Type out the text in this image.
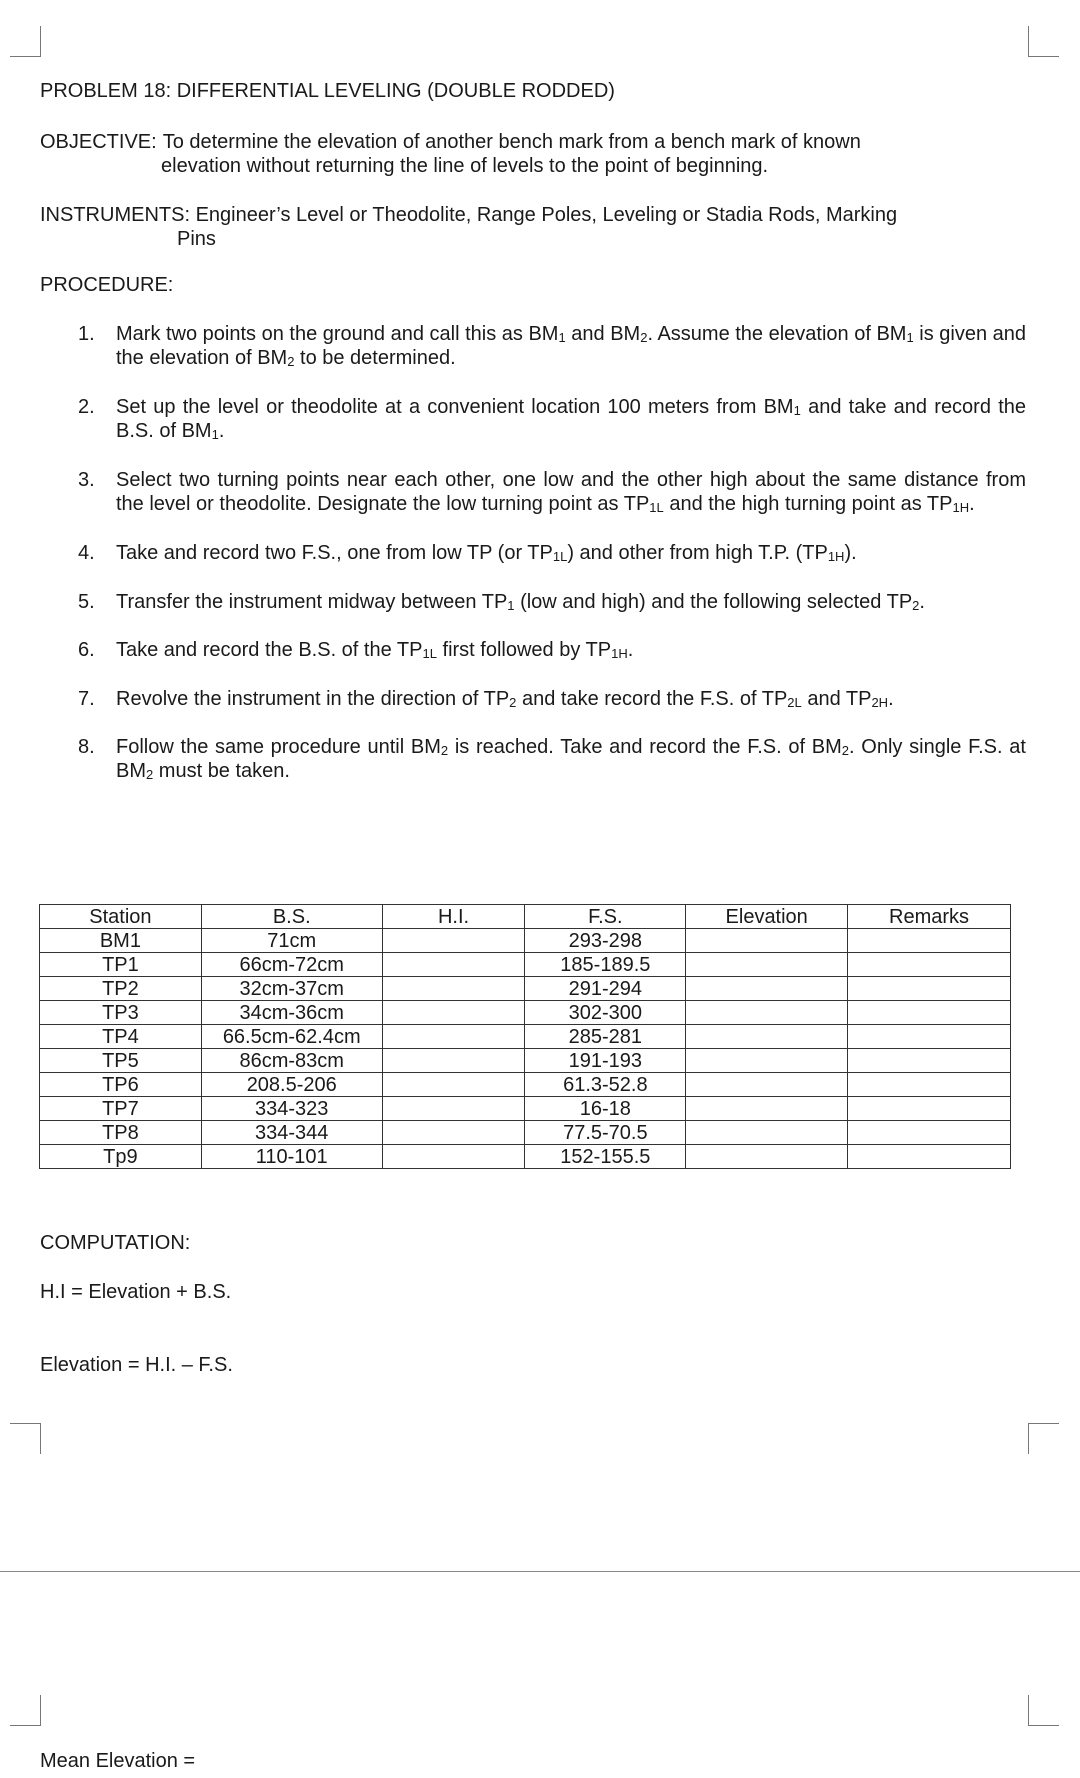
PROBLEM 18: DIFFERENTIAL LEVELING (DOUBLE RODDED)
OBJECTIVE: To determine the elevation of another bench mark from a bench mark of known
elevation without returning the line of levels to the point of beginning.
INSTRUMENTS: Engineer’s Level or Theodolite, Range Poles, Leveling or Stadia Rods, Marking
Pins
PROCEDURE:
1. Mark two points on the ground and call this as $BM_1$ and $BM_2$. Assume the elevation of $BM_1$ is given and the elevation of $BM_2$ to be determined.
2. Set up the level or theodolite at a convenient location 100 meters from $BM_1$ and take and record the B.S. of $BM_1$.
3. Select two turning points near each other, one low and the other high about the same distance from the level or theodolite. Designate the low turning point as $TP_{1L}$ and the high turning point as $TP_{1H}$.
4. Take and record two F.S., one from low TP (or $TP_{1L}$) and other from high T.P. $(TP_{1H})$.
5. Transfer the instrument midway between $TP_1$ (low and high) and the following selected $TP_2$.
6. Take and record the B.S. of the $TP_{1L}$ first followed by $TP_{1H}$.
7. Revolve the instrument in the direction of $TP_2$ and take record the F.S. of $TP_{2L}$ and $TP_{2H}$.
8. Follow the same procedure until $BM_2$ is reached. Take and record the F.S. of $BM_2$. Only single F.S. at $BM_2$ must be taken.
Station	B.S.	H.I.	F.S.	Elevation	Remarks
BM1	71cm		293-298		
TP1	66cm-72cm		185-189.5		
TP2	32cm-37cm		291-294		
TP3	34cm-36cm		302-300		
TP4	66.5cm-62.4cm		285-281		
TP5	86cm-83cm		191-193		
TP6	208.5-206		61.3-52.8		
TP7	334-323		16-18		
TP8	334-344		77.5-70.5		
Tp9	110-101		152-155.5		
COMPUTATION:
H.I = Elevation + B.S.
Elevation = H.I. – F.S.
Mean Elevation =
